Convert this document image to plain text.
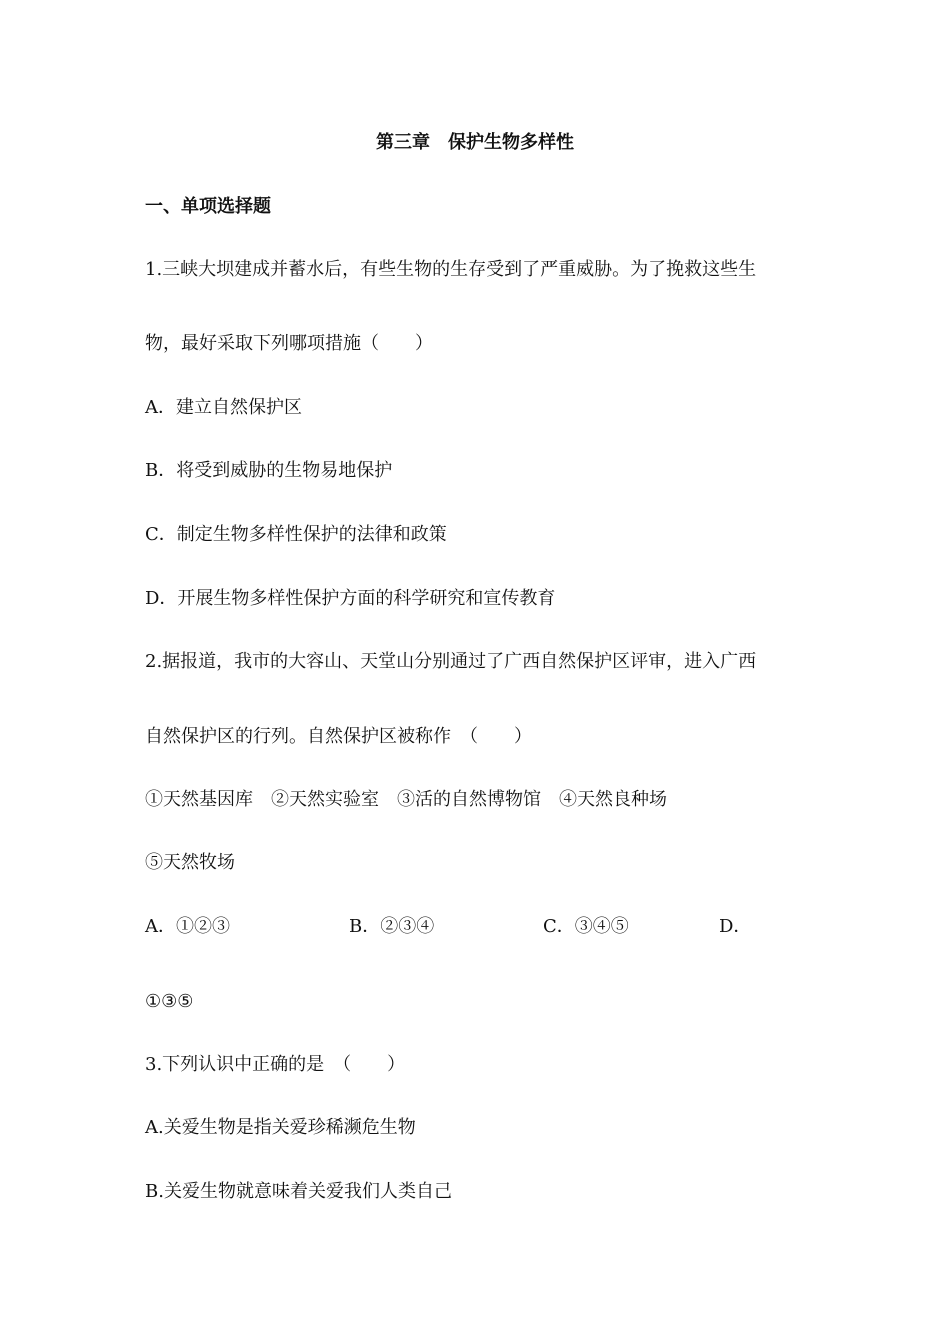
第三章　保护生物多样性
一、单项选择题
1.三峡大坝建成并蓄水后，有些生物的生存受到了严重威胁。为了挽救这些生
物，最好采取下列哪项措施（　　）
A．建立自然保护区
B．将受到威胁的生物易地保护
C．制定生物多样性保护的法律和政策
D．开展生物多样性保护方面的科学研究和宣传教育
2.据报道，我市的大容山、天堂山分别通过了广西自然保护区评审，进入广西
自然保护区的行列。自然保护区被称作　（　　）
①天然基因库　②天然实验室　③活的自然博物馆　④天然良种场
⑤天然牧场
A．①②③	B．②③④	C．③④⑤	D．
①③⑤
3.下列认识中正确的是　（　　）
A.关爱生物是指关爱珍稀濒危生物
B.关爱生物就意味着关爱我们人类自己
